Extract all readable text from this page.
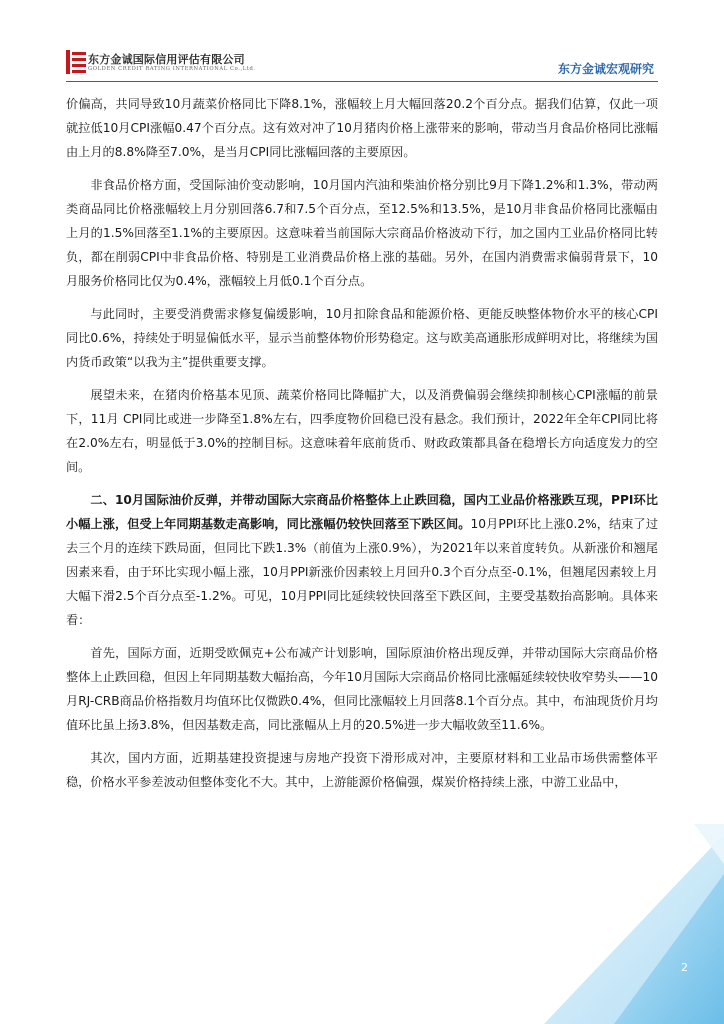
东方金诚国际信用评估有限公司
GOLDEN CREDIT RATING INTERNATIONAL Co.,Ltd.	东方金诚宏观研究

价偏高，共同导致10月蔬菜价格同比下降8.1%，涨幅较上月大幅回落20.2个百分点。据我们估算，仅此一项就拉低10月CPI涨幅0.47个百分点。这有效对冲了10月猪肉价格上涨带来的影响，带动当月食品价格同比涨幅由上月的8.8%降至7.0%，是当月CPI同比涨幅回落的主要原因。

非食品价格方面，受国际油价变动影响，10月国内汽油和柴油价格分别比9月下降1.2%和1.3%，带动两类商品同比价格涨幅较上月分别回落6.7和7.5个百分点，至12.5%和13.5%，是10月非食品价格同比涨幅由上月的1.5%回落至1.1%的主要原因。这意味着当前国际大宗商品价格波动下行，加之国内工业品价格同比转负，都在削弱CPI中非食品价格、特别是工业消费品价格上涨的基础。另外，在国内消费需求偏弱背景下，10月服务价格同比仅为0.4%，涨幅较上月低0.1个百分点。

与此同时，主要受消费需求修复偏缓影响，10月扣除食品和能源价格、更能反映整体物价水平的核心CPI同比0.6%，持续处于明显偏低水平，显示当前整体物价形势稳定。这与欧美高通胀形成鲜明对比，将继续为国内货币政策“以我为主”提供重要支撑。

展望未来，在猪肉价格基本见顶、蔬菜价格同比降幅扩大，以及消费偏弱会继续抑制核心CPI涨幅的前景下，11月 CPI同比或进一步降至1.8%左右，四季度物价回稳已没有悬念。我们预计，2022年全年CPI同比将在2.0%左右，明显低于3.0%的控制目标。这意味着年底前货币、财政政策都具备在稳增长方向适度发力的空间。

二、10月国际油价反弹，并带动国际大宗商品价格整体上止跌回稳，国内工业品价格涨跌互现，PPI环比小幅上涨，但受上年同期基数走高影响，同比涨幅仍较快回落至下跌区间。10月PPI环比上涨0.2%，结束了过去三个月的连续下跌局面，但同比下跌1.3%（前值为上涨0.9%），为2021年以来首度转负。从新涨价和翘尾因素来看，由于环比实现小幅上涨，10月PPI新涨价因素较上月回升0.3个百分点至-0.1%，但翘尾因素较上月大幅下滑2.5个百分点至-1.2%。可见，10月PPI同比延续较快回落至下跌区间，主要受基数抬高影响。具体来看：

首先，国际方面，近期受欧佩克+公布减产计划影响，国际原油价格出现反弹，并带动国际大宗商品价格整体上止跌回稳，但因上年同期基数大幅抬高，今年10月国际大宗商品价格同比涨幅延续较快收窄势头——10月RJ-CRB商品价格指数月均值环比仅微跌0.4%，但同比涨幅较上月回落8.1个百分点。其中，布油现货价月均值环比虽上扬3.8%，但因基数走高，同比涨幅从上月的20.5%进一步大幅收敛至11.6%。

其次，国内方面，近期基建投资提速与房地产投资下滑形成对冲，主要原材料和工业品市场供需整体平稳，价格水平参差波动但整体变化不大。其中，上游能源价格偏强，煤炭价格持续上涨，中游工业品中，

2
